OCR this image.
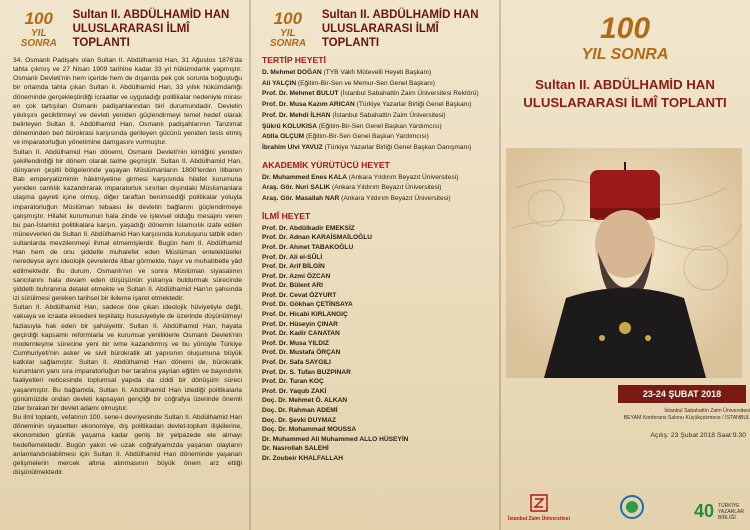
100
YIL SONRA
Sultan II. ABDÜLHAMİD HAN
ULUSLARARASI İLMÎ TOPLANTI

34. Osmanlı Padişahı olan Sultan II. Abdülhamid Han, 31 Ağustos 1876'da tahta çıkmış ve 27 Nisan 1909 tarihine kadar 33 yıl hükümdarlık yapmıştır. Osmanlı Devleti'nin hem içeride hem de dışarıda pek çok sorunla boğuştuğu bir ortamda tahta çıkan Sultan II. Abdülhamid Han, 33 yıllık hükümdarlığı döneminde gerçekleştirdiği icraatlar ve uyguladığı politikalar nedeniyle mirası en çok tartışılan Osmanlı padişahlarından biri durumundadır. Devletin yıkılışını geciktirmeyi ve devleti yeniden güçlendirmeyi temel hedef olarak belirleyen Sultan II. Abdülhamid Han, Osmanlı padişahlarının Tanzimat döneminden beri bürokrasi karşısında gerileyen gücünü yeniden tesis etmiş ve imparatorluğun yönetimine damgasını vurmuştur.

Sultan II. Abdülhamid Han dönemi, Osmanlı Devleti'nin kimliğini yeniden şekillendirdiği bir dönem olarak tarihe geçmiştir. Sultan II. Abdülhamid Han, dünyanın çeşitli bölgelerinde yaşayan Müslümanların 1800'lerden itibaren Batı emperyalizminin hâkimiyetine girmesi karşısında hilafet kurumuna yeniden canlılık kazandırarak imparatorluk sınırları dışındaki Müslümanlara ulaşma gayreti içine olmuş, diğer taraftan benimsediği politikalar yoluyla imparatorluğun Müslüman tebaası ile devletin bağlarını güçlendirmeye çalışmıştır. Hilafet kurumunun hala zinde ve işlevsel olduğu mesajını veren bu pan-İslamist politikalara karşın, yaşadığı dönemin İslamcılık izafe edilen münevverleri de Sultan II. Abdülhamid Han karşısında kuruluşunu tatbik eden sultanlarda mevzilenmeyi ihmal etmemişlerdir. Bugün hem II. Abdülhamid Han hem de onu şiddetle muhalefet eden Müslüman entelektüeller neredeyse aynı ideolojik çevrelerde itibar görmekte, hayır ve muhabbetle yâd edilmektedir. Bu durum, Osmanlı'nın ve sonra Müslüman siyasalının sancılarını hala devam eden düşüşünün yukarıya buldurmak sürecinde şiddetli buhranına detalet etmekte ve Sultan II. Abdülhamid Han'ın şahsında izi sürülmesi gereken tarihsel bir ikileme işaret etmektedir.

Sultan II. Abdülhamid Han, sadece öne çıkan ideolojik hüviyetiyle değil, vakıaya ve icraata eksedeni teşkilatçı hususiyetiyle de üzerinde düşünülmeyi fazlasıyla hak eden bir şahsiyettir. Sultan II. Abdülhamid Han, hayata geçirdiği kapsamlı reformlarla ve kurumsal yeniliklerle Osmanlı Devleti'nin modernleşme sürecine yeni bir ivme kazandırmış ve bu yönüyle Türkiye Cumhuriyeti'nin asker ve sivil bürokratik alt yapısının oluşumuna büyük katkılar sağlamıştır. Sultan II. Abdülhamid Han dönemi de, bürokratik kurumların yanı sıra imparatorluğun her tarafına yayılan eğitim ve bayındırlık faaliyetleri neticesinde toplumsal yapıda da ciddi bir dönüşüm süreci yaşanmıştır. Bu bağlamda, Sultan II. Abdülhamid Han izlediği politikalarla günümüzde ondan devleti kapsayan gençliği bir coğrafya üzerinde önemli izler bırakan bir devlet adamı olmuştur.

Bu ilmî toplantı, vefatının 100. sene-i devriyesinde Sultan II. Abdülhamid Han döneminin siyasetten ekonomiye, dış politikadan devlet-toplum ilişkilerine, ekonomiden günlük yaşama kadar geniş bir yelpazede ele almayı hedeflemektedir. Bugün yakın ve uzak coğrafyamızda yaşanan olayların anlamlandırılabilmesi için Sultan II. Abdülhamid Han döneminde yaşanan gelişmelerin mercek altına alınmasının büyük önem arz ettiği düşünülmektedir.

100
YIL SONRA
Sultan II. ABDÜLHAMİD HAN
ULUSLARARASI İLMÎ TOPLANTI
TERTİP HEYETİ
D. Mehmet DOĞAN (TYB Vakfı Mütevelli Heyeti Başkanı)
Ali YALÇIN (Eğitim-Bir-Sen ve Memur-Sen Genel Başkanı)
Prof. Dr. Mehmet BULUT (İstanbul Sabahattin Zaim Üniversitesi Rektörü)
Prof. Dr. Musa Kazım ARICAN (Türkiye Yazarlar Birliği Genel Başkanı)
Prof. Dr. Mehdi İLHAN (İstanbul Sabahattin Zaim Üniversitesi)
Şükrü KOLUKISA (Eğitim-Bir-Sen Genel Başkan Yardımcısı)
Atilla OLÇUM (Eğitim-Bir-Sen Genel Başkan Yardımcısı)
İbrahim Ulvi YAVUZ (Türkiye Yazarlar Birliği Genel Başkan Danışmanı)
AKADEMİK YÜRÜTÜCÜ HEYET
Dr. Muhammed Enes KALA (Ankara Yıldırım Beyazıt Üniversitesi)
Araş. Gör. Nuri SALIK (Ankara Yıldırım Beyazıt Üniversitesi)
Araş. Gör. Masallah NAR (Ankara Yıldırım Beyazıt Üniversitesi)
İLMÎ HEYET
Prof. Dr. Abdülkadir EMEKSİZ
Prof. Dr. Adnan KARAİSMAİLOĞLU
Prof. Dr. Ahmet TABAKOĞLU
Prof. Dr. Ali el-SÛLİ
Prof. Dr. Arif BİLGİN
Prof. Dr. Azmi ÖZCAN
Prof. Dr. Bülent ARI
Prof. Dr. Cevat ÖZYURT
Prof. Dr. Gökhan ÇETİNSAYA
Prof. Dr. Hicabi KIRLANGIÇ
Prof. Dr. Hüseyin ÇINAR
Prof. Dr. Kadir CANATAN
Prof. Dr. Musa YILDIZ
Prof. Dr. Mustafa ÖRÇAN
Prof. Dr. Safa SAYGILI
Prof. Dr. S. Tufan BUZPINAR
Prof. Dr. Turan KOÇ
Prof. Dr. Yaqub ZAKİ
Doç. Dr. Mehmet Ö. ALKAN
Doç. Dr. Rahman ADEMİ
Doç. Dr. Şevki DUYMAZ
Doç. Dr. Mohammad MOUSSA
Dr. Muhammed Ali Muhammed ALLO HÜSEYİN
Dr. Nasrollah SALEHİ
Dr. Zoubeir KHALFALLAH
100
YIL SONRA
Sultan II. ABDÜLHAMİD HAN
ULUSLARARASI İLMÎ TOPLANTI
23-24 ŞUBAT 2018
İstanbul Sabahattin Zaim Üniversitesi
BEYAM Konferans Salonu Küçükçekmece / İSTANBUL
Açılış: 23 Şubat 2018 Saat:9.30
İstanbul Zaim Üniversitesi	40 TÜRKİYE
YAZARLAR
BİRLİĞİ
